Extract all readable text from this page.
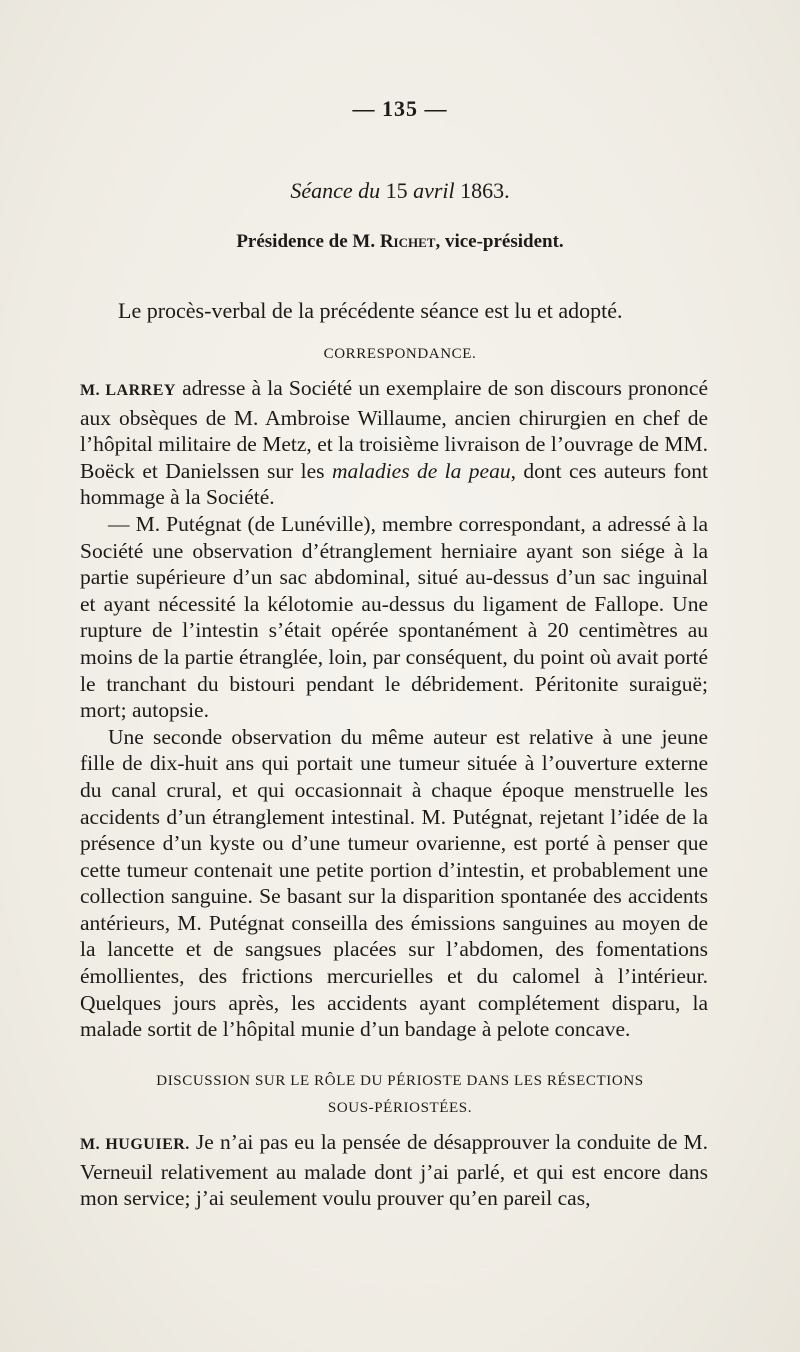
— 135 —
Séance du 15 avril 1863.
Présidence de M. Richet, vice-président.
Le procès-verbal de la précédente séance est lu et adopté.
CORRESPONDANCE.

M. LARREY adresse à la Société un exemplaire de son discours prononcé aux obsèques de M. Ambroise Willaume, ancien chirurgien en chef de l’hôpital militaire de Metz, et la troisième livraison de l’ouvrage de MM. Boëck et Danielssen sur les maladies de la peau, dont ces auteurs font hommage à la Société.

— M. Putégnat (de Lunéville), membre correspondant, a adressé à la Société une observation d’étranglement herniaire ayant son siége à la partie supérieure d’un sac abdominal, situé au-dessus d’un sac inguinal et ayant nécessité la kélotomie au-dessus du ligament de Fallope. Une rupture de l’intestin s’était opérée spontanément à 20 centimètres au moins de la partie étranglée, loin, par conséquent, du point où avait porté le tranchant du bistouri pendant le débridement. Péritonite suraiguë; mort; autopsie.

Une seconde observation du même auteur est relative à une jeune fille de dix-huit ans qui portait une tumeur située à l’ouverture externe du canal crural, et qui occasionnait à chaque époque menstruelle les accidents d’un étranglement intestinal. M. Putégnat, rejetant l’idée de la présence d’un kyste ou d’une tumeur ovarienne, est porté à penser que cette tumeur contenait une petite portion d’intestin, et probablement une collection sanguine. Se basant sur la disparition spontanée des accidents antérieurs, M. Putégnat conseilla des émissions sanguines au moyen de la lancette et de sangsues placées sur l’abdomen, des fomentations émollientes, des frictions mercurielles et du calomel à l’intérieur. Quelques jours après, les accidents ayant complétement disparu, la malade sortit de l’hôpital munie d’un bandage à pelote concave.

DISCUSSION SUR LE RÔLE DU PÉRIOSTE DANS LES RÉSECTIONS
SOUS-PÉRIOSTÉES.

M. HUGUIER. Je n’ai pas eu la pensée de désapprouver la conduite de M. Verneuil relativement au malade dont j’ai parlé, et qui est encore dans mon service; j’ai seulement voulu prouver qu’en pareil cas,
